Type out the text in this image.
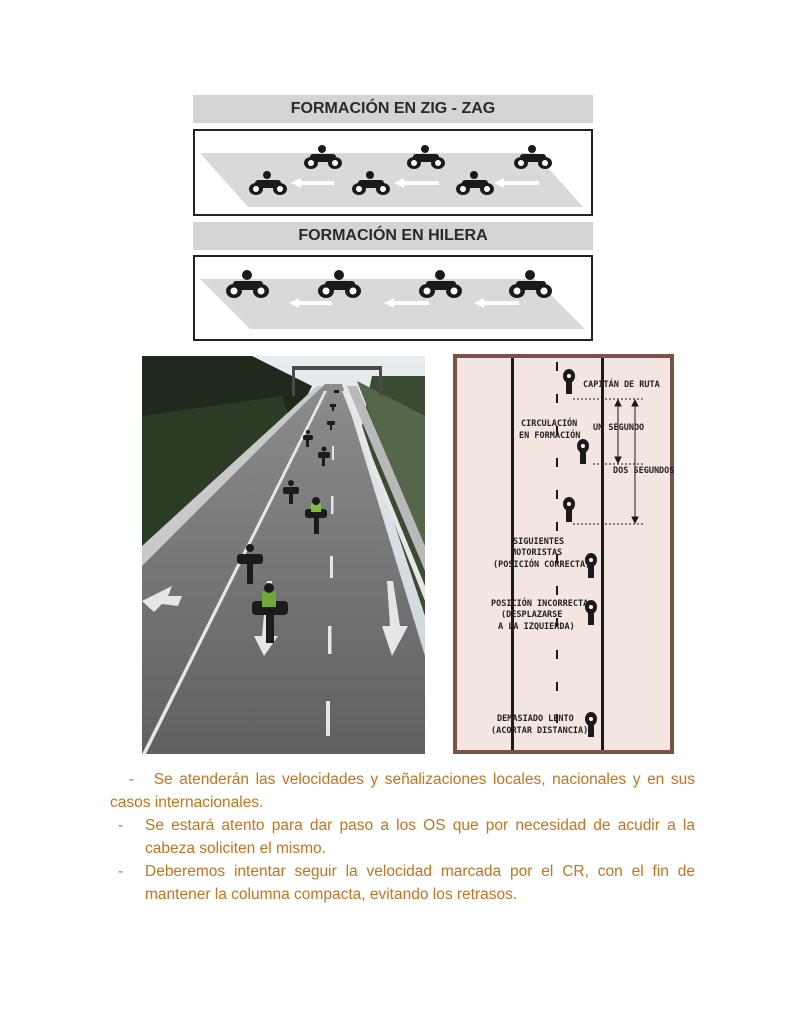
FORMACIÓN EN ZIG - ZAG
FORMACIÓN EN HILERA
CAPITÁN DE RUTA
CIRCULACIÓN
EN FORMACIÓN
UN SEGUNDO
DOS SEGUNDOS
SIGUIENTES
MOTORISTAS
(POSICIÓN CORRECTA)
POSICIÓN INCORRECTA
(DESPLAZARSE
A LA IZQUIERDA)
DEMASIADO LENTO
(ACORTAR DISTANCIA)
- Se atenderán las velocidades y señalizaciones locales, nacionales y en sus casos internacionales.
- Se estará atento para dar paso a los OS que por necesidad de acudir a la cabeza soliciten el mismo.
- Deberemos intentar seguir la velocidad marcada por el CR, con el fin de mantener la columna compacta, evitando los retrasos.
